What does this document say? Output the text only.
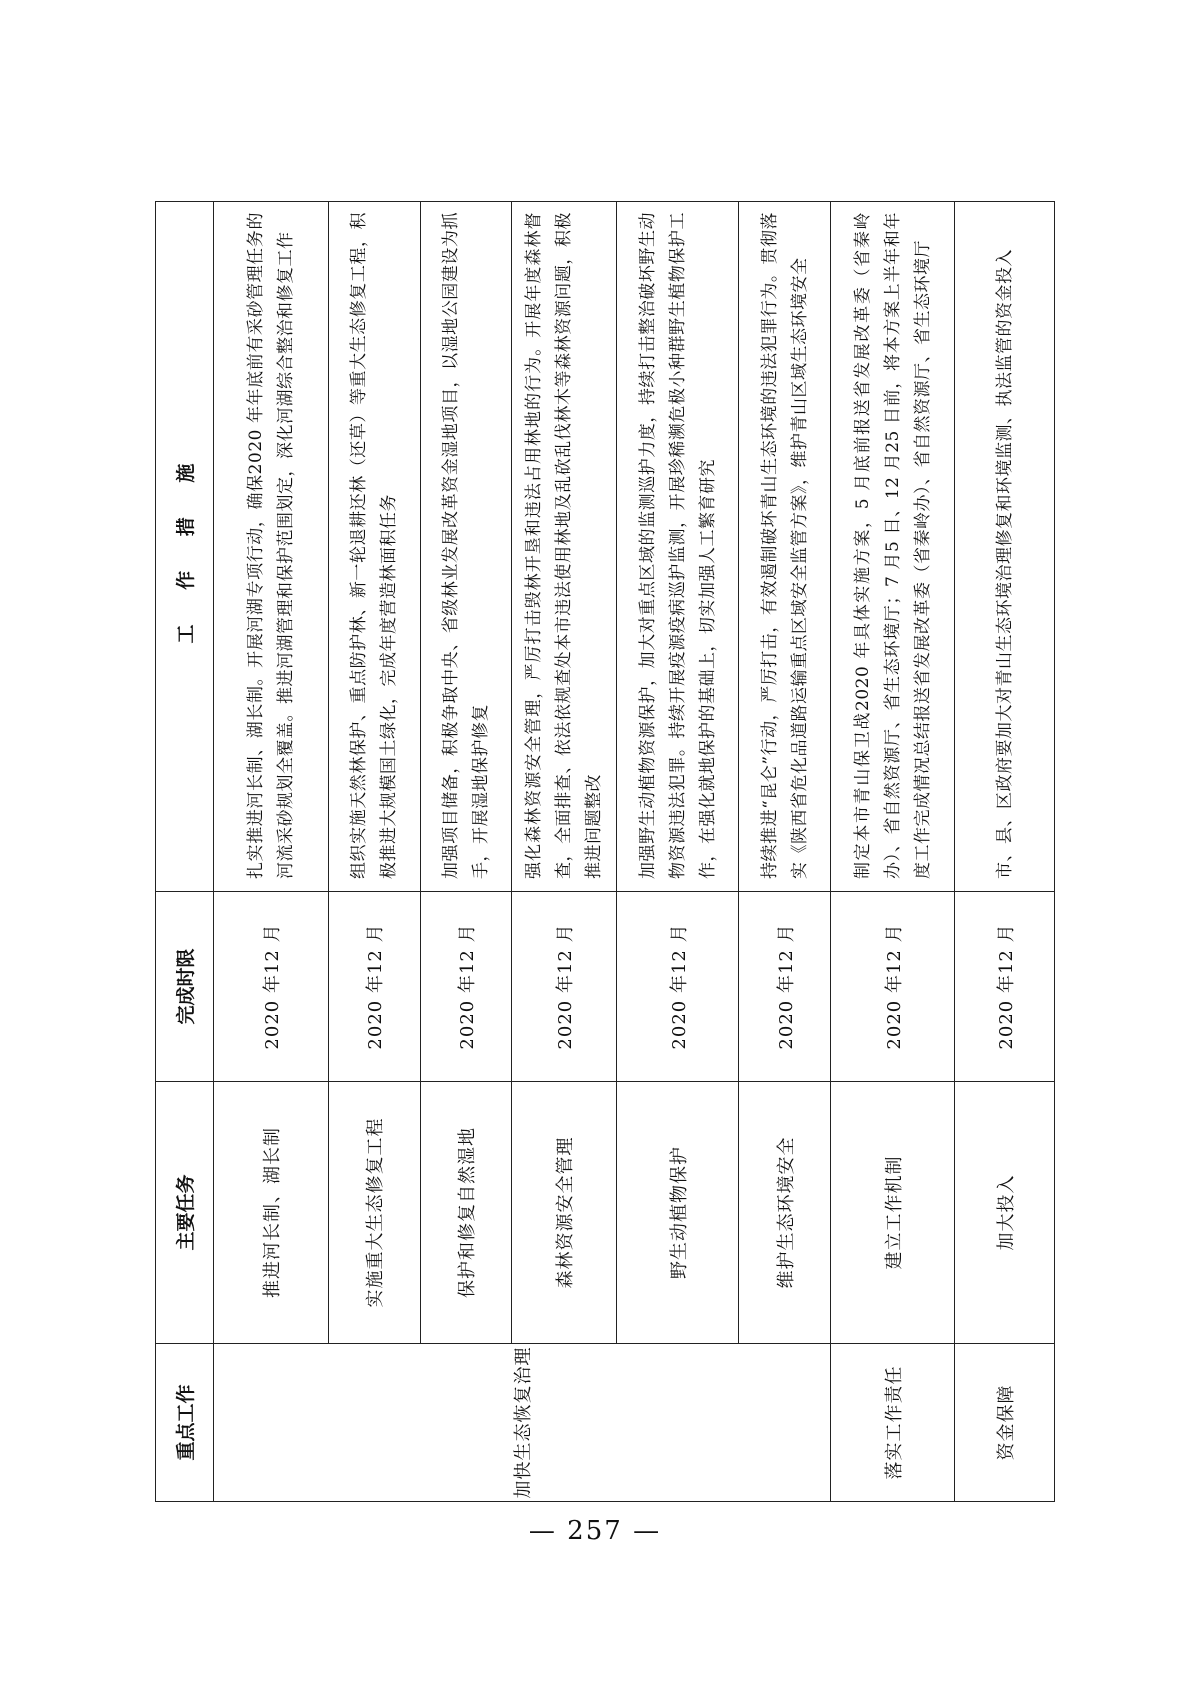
重点工作	主要任务	完成时限	工 作 措 施
加快生态恢复治理	推进河长制、湖长制	2020 年12 月	扎实推进河长制、湖长制。开展河湖专项行动，确保2020 年年底前有采砂管理任务的河流采砂规划全覆盖。推进河湖管理和保护范围划定，深化河湖综合整治和修复工作
	实施重大生态修复工程	2020 年12 月	组织实施天然林保护、重点防护林、新一轮退耕还林（还草）等重大生态修复工程，积极推进大规模国土绿化，完成年度营造林面积任务
	保护和修复自然湿地	2020 年12 月	加强项目储备，积极争取中央、省级林业发展改革资金湿地项目，以湿地公园建设为抓手，开展湿地保护修复
	森林资源安全管理	2020 年12 月	强化森林资源安全管理，严厉打击毁林开垦和违法占用林地的行为。开展年度森林督查，全面排查、依法依规查处本市违法使用林地及乱砍乱伐林木等森林资源问题，积极推进问题整改
	野生动植物保护	2020 年12 月	加强野生动植物资源保护，加大对重点区域的监测巡护力度，持续打击整治破坏野生动物资源违法犯罪。持续开展疫源疫病巡护监测，开展珍稀濒危极小种群野生植物保护工作，在强化就地保护的基础上，切实加强人工繁育研究
	维护生态环境安全	2020 年12 月	持续推进“昆仑”行动，严厉打击，有效遏制破坏青山生态环境的违法犯罪行为。贯彻落实《陕西省危化品道路运输重点区域安全监管方案》，维护青山区域生态环境安全
落实工作责任	建立工作机制	2020 年12 月	制定本市青山保卫战2020 年具体实施方案，5 月底前报送省发展改革委（省秦岭办）、省自然资源厅、省生态环境厅；7 月5 日、12 月25 日前，将本方案上半年和年度工作完成情况总结报送省发展改革委（省秦岭办）、省自然资源厅、省生态环境厅
资金保障	加大投入	2020 年12 月	市、县、区政府要加大对青山生态环境治理修复和环境监测、执法监管的资金投入
— 257 —
